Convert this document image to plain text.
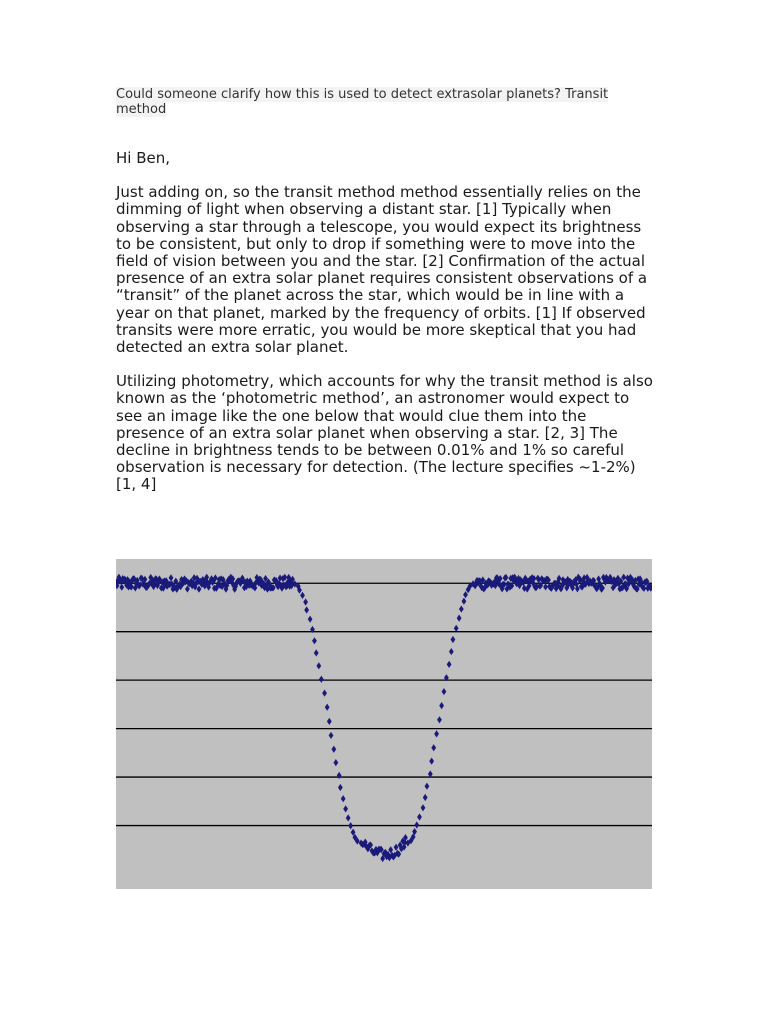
Could someone clarify how this is used to detect extrasolar planets? Transit method

Hi Ben,

Just adding on, so the transit method method essentially relies on the dimming of light when observing a distant star. [1] Typically when observing a star through a telescope, you would expect its brightness to be consistent, but only to drop if something were to move into the field of vision between you and the star. [2] Confirmation of the actual presence of an extra solar planet requires consistent observations of a “transit” of the planet across the star, which would be in line with a year on that planet, marked by the frequency of orbits. [1] If observed transits were more erratic, you would be more skeptical that you had detected an extra solar planet.

Utilizing photometry, which accounts for why the transit method is also known as the ‘photometric method’, an astronomer would expect to see an image like the one below that would clue them into the presence of an extra solar planet when observing a star. [2, 3] The decline in brightness tends to be between 0.01% and 1% so careful observation is necessary for detection. (The lecture specifies ~1-2%) [1, 4]
